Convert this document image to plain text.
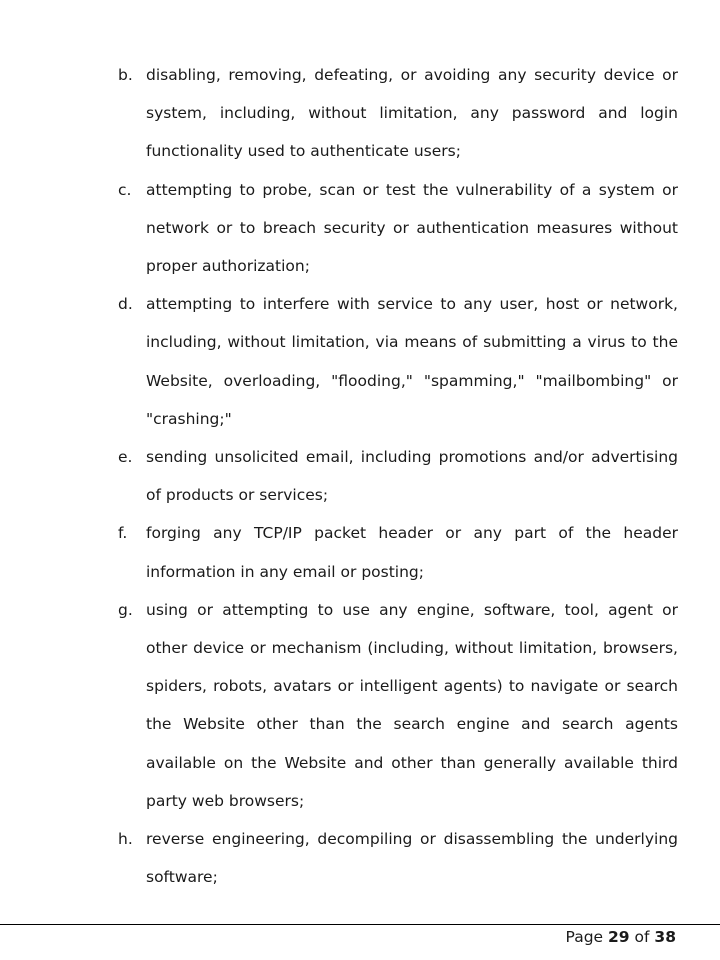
b. disabling, removing, defeating, or avoiding any security device or system, including, without limitation, any password and login functionality used to authenticate users;

c. attempting to probe, scan or test the vulnerability of a system or network or to breach security or authentication measures without proper authorization;

d. attempting to interfere with service to any user, host or network, including, without limitation, via means of submitting a virus to the Website, overloading, "flooding," "spamming," "mailbombing" or "crashing;"

e. sending unsolicited email, including promotions and/or advertising of products or services;

f.	forging any TCP/IP packet header or any part of the header information in any email or posting;

g. using or attempting to use any engine, software, tool, agent or other device or mechanism (including, without limitation, browsers, spiders, robots, avatars or intelligent agents) to navigate or search the Website other than the search engine and search agents available on the Website and other than generally available third party web browsers;

h. reverse engineering, decompiling or disassembling the underlying software;

Page 29 of 38
